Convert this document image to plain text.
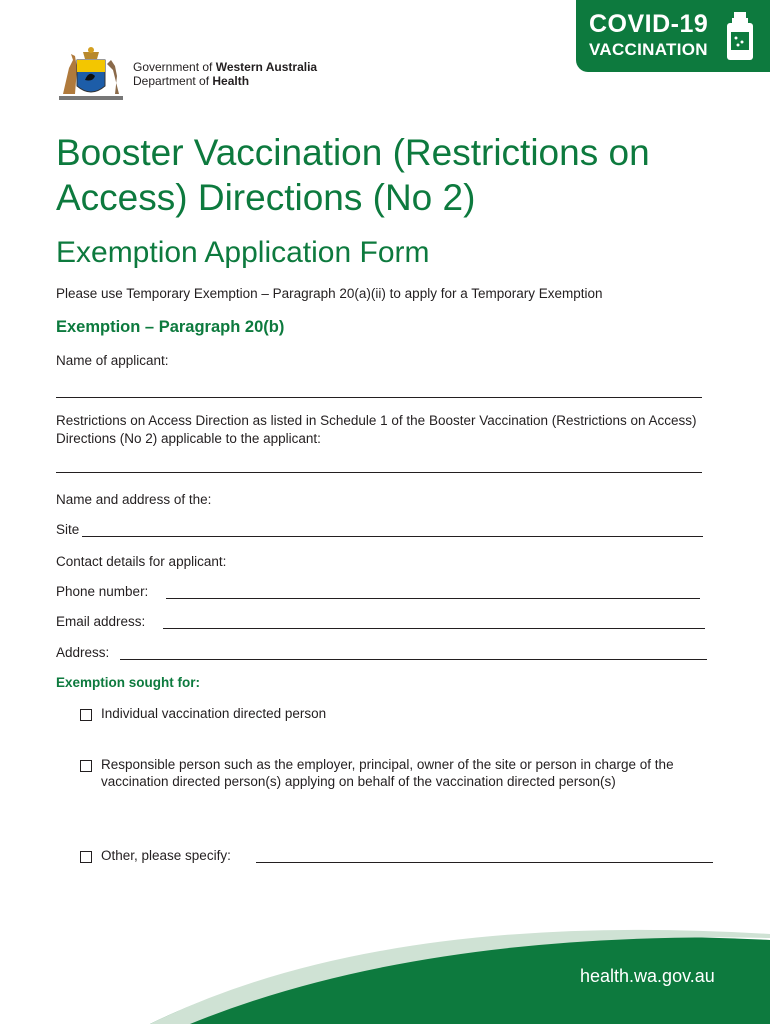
Government of Western Australia
Department of Health
COVID-19
VACCINATION
Booster Vaccination (Restrictions on Access) Directions (No 2)
Exemption Application Form
Please use Temporary Exemption – Paragraph 20(a)(ii) to apply for a Temporary Exemption
Exemption – Paragraph 20(b)
Name of applicant:
Restrictions on Access Direction as listed in Schedule 1 of the Booster Vaccination (Restrictions on Access) Directions (No 2) applicable to the applicant:
Name and address of the:
Site
Contact details for applicant:
Phone number:
Email address:
Address:
Exemption sought for:
Individual vaccination directed person
Responsible person such as the employer, principal, owner of the site or person in charge of the vaccination directed person(s) applying on behalf of the vaccination directed person(s)
Other, please specify:
health.wa.gov.au
